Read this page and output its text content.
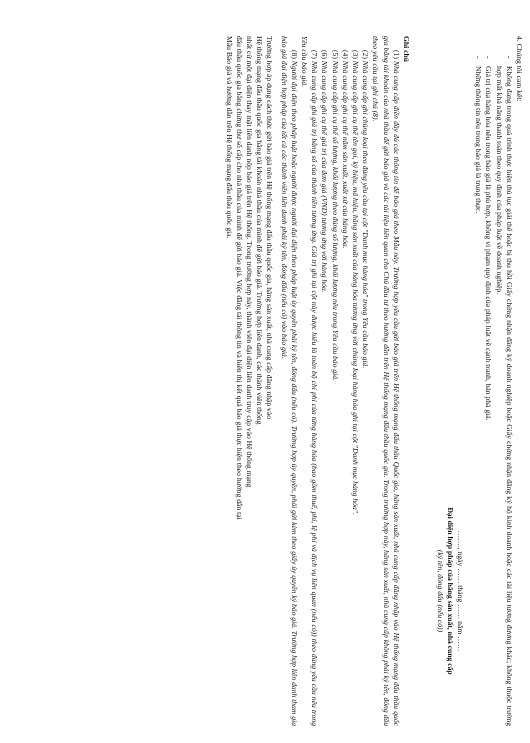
4. Chúng tôi cam kết:

-
Không đang trong quá trình thực hiện thủ tục giải thể hoặc bị thu hồi Giấy chứng nhận đăng ký doanh nghiệp hoặc Giấy chứng nhận đăng ký hộ kinh doanh hoặc các tài liệu tương đương khác; không thuộc trường hợp mất khả năng thanh toán theo quy định của pháp luật về doanh nghiệp.

-
Giá trị của hàng hóa nêu trong báo giá là phù hợp, không vi phạm quy định của pháp luật về cạnh tranh, bán phá giá.

-
Những thông tin nêu trong báo giá là trung thực.

……., ngày …… tháng …… năm ……

Đại diện hợp pháp của hãng sản xuất, nhà cung cấp

(ký tên, đóng dấu (nếu có))

Ghi chú

(1) Nhà cung cấp điền đầy đủ các thông tin để báo giá theo Mẫu này. Trường hợp yêu cầu gửi báo giá trên Hệ thống mạng đấu thầu Quốc gia, hãng sản xuất, nhà cung cấp đăng nhập vào Hệ thống mạng đấu thầu quốc gia bằng tài khoản của nhà thầu để gửi báo giá và các tài liệu liên quan cho Chủ đầu tư theo hướng dẫn trên Hệ thống mạng đấu thầu quốc gia. Trong trường hợp này, hãng sản xuất, nhà cung cấp không phải ký tên, đóng dấu theo yêu cầu tại ghi chú (8).

(2) Nhà cung cấp ghi chủng loại theo đúng yêu cầu tại cột "Danh mục hàng hóa" trong Yêu cầu báo giá.

(3) Nhà cung cấp ghi cụ thể tên gọi, ký hiệu, mã hiệu, hãng sản xuất của hàng hóa tương ứng với chủng loại hàng hóa ghi tại cột "Danh mục hàng hóa".

(4) Nhà cung cấp ghi cụ thể năm sản xuất, xuất xứ của hàng hóa.

(5) Nhà cung cấp ghi cụ thể số lượng, khối lượng theo đúng số lượng, khối lượng nêu trong Yêu cầu báo giá.

(6) Nhà cung cấp ghi cụ thể giá trị của đơn giá (VND) tương ứng với hàng hóa.

(7) Nhà cung cấp ghi giá trị bằng số của thành tiền tương ứng. Giá trị ghi tại cột này được hiểu là toàn bộ chi phí của từng hàng hóa (bao gồm thuế, phí, lệ phí và dịch vụ liên quan (nếu có)) theo đúng yêu cầu nêu trong Yêu cầu báo giá.

(8) Người đại diện theo pháp luật hoặc người được người đại diện theo pháp luật ủy quyền phải ký tên, đóng dấu (nếu có). Trường hợp ủy quyền, phải gửi kèm theo giấy ủy quyền ký báo giá. Trường hợp liên danh tham gia báo giá đại diện hợp pháp của tất cả các thành viên liên danh phải ký tên, đóng dấu (nếu có) vào báo giá.

Trường hợp áp dụng cách thức gửi báo giá trên Hệ thống mạng đấu thầu quốc gia, hãng sản xuất, nhà cung cấp đăng nhập vào

Hệ thống mạng đấu thầu quốc gia bằng tài khoản nhà thầu của mình để gửi báo giá. Trường hợp liên danh, các thành viên thống

nhất cử một đại diện thay mặt liên danh nộp báo giá trên Hệ thống. Trong trường hợp này, thành viên đại diện liên danh truy cập vào Hệ thống mạng

đấu thầu quốc gia bằng chứng thư số cấp cho nhà thầu của mình để gửi báo giá. Việc đăng tải thông tin và hiển thị kết quả báo giá thực hiện theo hướng dẫn tại

Mẫu Báo giá và hướng dẫn trên Hệ thống mạng đấu thầu quốc gia.
